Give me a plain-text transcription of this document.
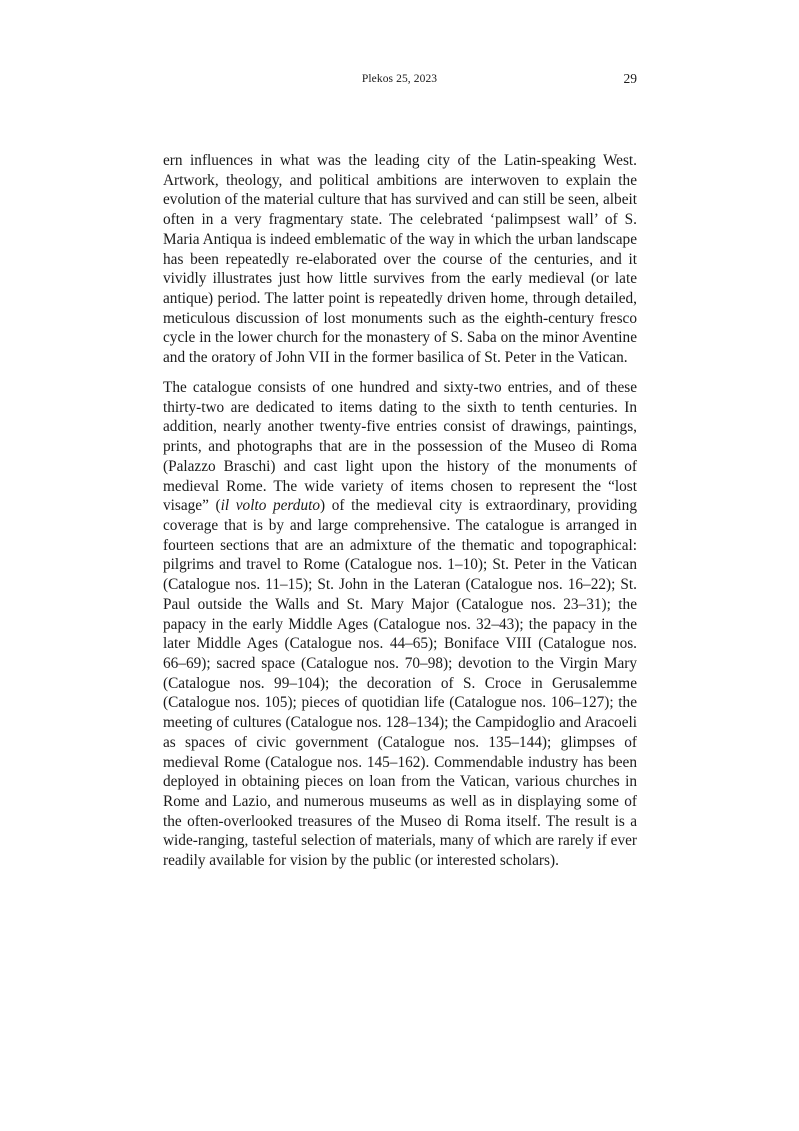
Plekos 25, 2023	29

ern influences in what was the leading city of the Latin-speaking West. Artwork, theology, and political ambitions are interwoven to explain the evolution of the material culture that has survived and can still be seen, albeit often in a very fragmentary state. The celebrated ‘palimpsest wall’ of S. Maria Antiqua is indeed emblematic of the way in which the urban landscape has been repeatedly re-elaborated over the course of the centuries, and it vividly illustrates just how little survives from the early medieval (or late antique) period. The latter point is repeatedly driven home, through detailed, meticulous discussion of lost monuments such as the eighth-century fresco cycle in the lower church for the monastery of S. Saba on the minor Aventine and the oratory of John VII in the former basilica of St. Peter in the Vatican.

The catalogue consists of one hundred and sixty-two entries, and of these thirty-two are dedicated to items dating to the sixth to tenth centuries. In addition, nearly another twenty-five entries consist of drawings, paintings, prints, and photographs that are in the possession of the Museo di Roma (Palazzo Braschi) and cast light upon the history of the monuments of medieval Rome. The wide variety of items chosen to represent the “lost visage” (il volto perduto) of the medieval city is extraordinary, providing coverage that is by and large comprehensive. The catalogue is arranged in fourteen sections that are an admixture of the thematic and topographical: pilgrims and travel to Rome (Catalogue nos. 1–10); St. Peter in the Vatican (Catalogue nos. 11–15); St. John in the Lateran (Catalogue nos. 16–22); St. Paul outside the Walls and St. Mary Major (Catalogue nos. 23–31); the papacy in the early Middle Ages (Catalogue nos. 32–43); the papacy in the later Middle Ages (Catalogue nos. 44–65); Boniface VIII (Catalogue nos. 66–69); sacred space (Catalogue nos. 70–98); devotion to the Virgin Mary (Catalogue nos. 99–104); the decoration of S. Croce in Gerusalemme (Catalogue nos. 105); pieces of quotidian life (Catalogue nos. 106–127); the meeting of cultures (Catalogue nos. 128–134); the Campidoglio and Aracoeli as spaces of civic government (Catalogue nos. 135–144); glimpses of medieval Rome (Catalogue nos. 145–162). Commendable industry has been deployed in obtaining pieces on loan from the Vatican, various churches in Rome and Lazio, and numerous museums as well as in displaying some of the often-overlooked treasures of the Museo di Roma itself. The result is a wide-ranging, tasteful selection of materials, many of which are rarely if ever readily available for vision by the public (or interested scholars).
